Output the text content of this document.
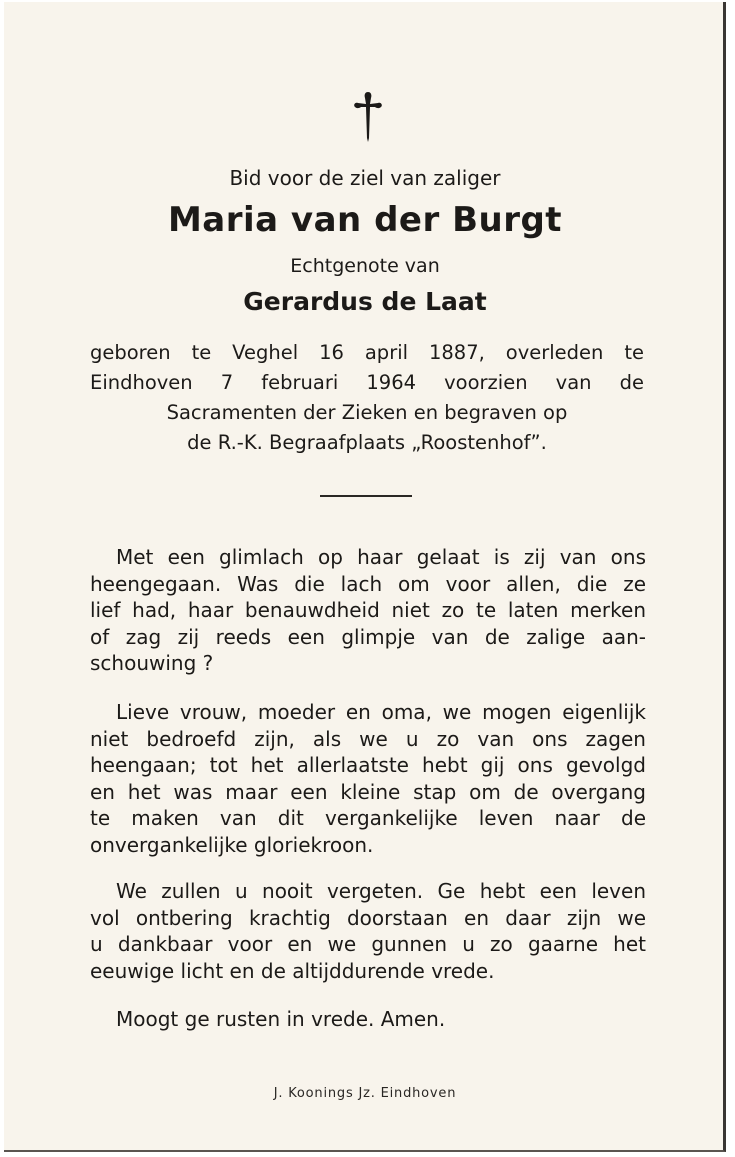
Bid voor de ziel van zaliger
Maria van der Burgt
Echtgenote van
Gerardus de Laat
geboren te Veghel 16 april 1887, overleden te
Eindhoven 7 februari 1964 voorzien van de
Sacramenten der Zieken en begraven op
de R.-K. Begraafplaats „Roostenhof”.
Met een glimlach op haar gelaat is zij van ons
heengegaan. Was die lach om voor allen, die ze
lief had, haar benauwdheid niet zo te laten merken
of zag zij reeds een glimpje van de zalige aan-
schouwing ?
Lieve vrouw, moeder en oma, we mogen eigenlijk
niet bedroefd zijn, als we u zo van ons zagen
heengaan; tot het allerlaatste hebt gij ons gevolgd
en het was maar een kleine stap om de overgang
te maken van dit vergankelijke leven naar de
onvergankelijke gloriekroon.
We zullen u nooit vergeten. Ge hebt een leven
vol ontbering krachtig doorstaan en daar zijn we
u dankbaar voor en we gunnen u zo gaarne het
eeuwige licht en de altijddurende vrede.
Moogt ge rusten in vrede. Amen.
J. Koonings Jz. Eindhoven
